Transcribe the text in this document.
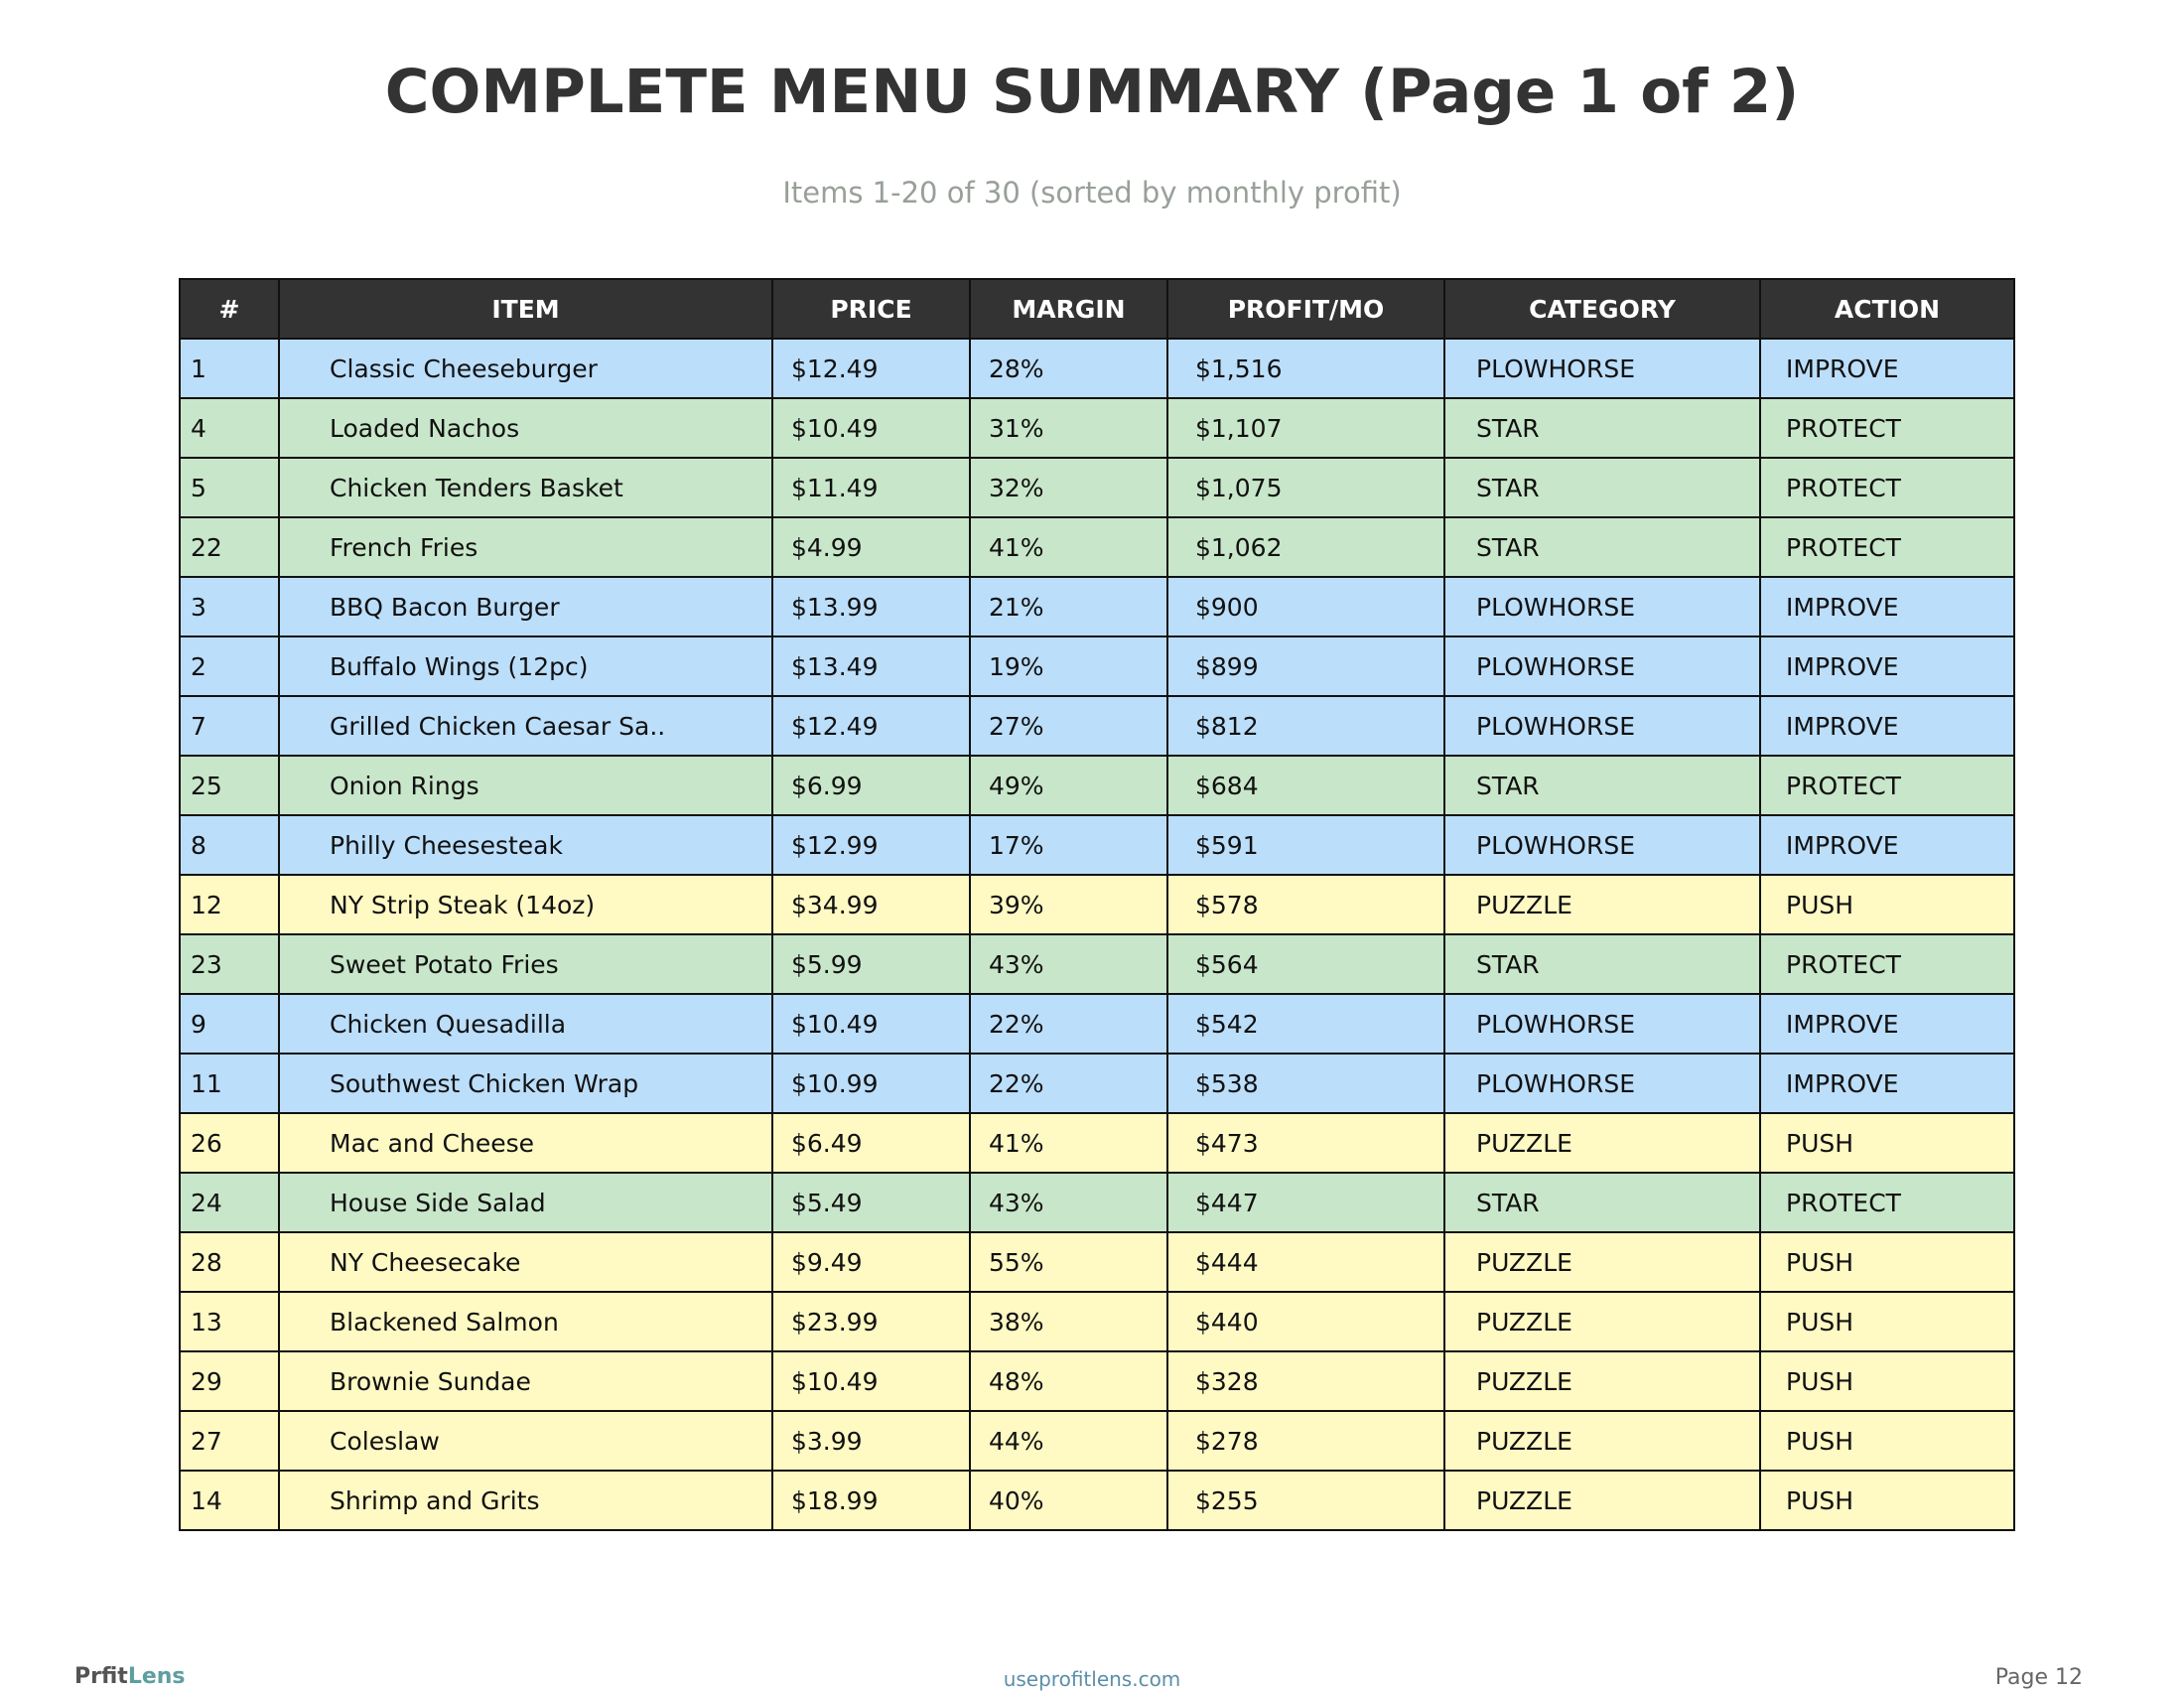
COMPLETE MENU SUMMARY (Page 1 of 2)
Items 1-20 of 30 (sorted by monthly profit)
#	ITEM	PRICE	MARGIN	PROFIT/MO	CATEGORY	ACTION
1	Classic Cheeseburger	$12.49	28%	$1,516	PLOWHORSE	IMPROVE
4	Loaded Nachos	$10.49	31%	$1,107	STAR	PROTECT
5	Chicken Tenders Basket	$11.49	32%	$1,075	STAR	PROTECT
22	French Fries	$4.99	41%	$1,062	STAR	PROTECT
3	BBQ Bacon Burger	$13.99	21%	$900	PLOWHORSE	IMPROVE
2	Buffalo Wings (12pc)	$13.49	19%	$899	PLOWHORSE	IMPROVE
7	Grilled Chicken Caesar Sa..	$12.49	27%	$812	PLOWHORSE	IMPROVE
25	Onion Rings	$6.99	49%	$684	STAR	PROTECT
8	Philly Cheesesteak	$12.99	17%	$591	PLOWHORSE	IMPROVE
12	NY Strip Steak (14oz)	$34.99	39%	$578	PUZZLE	PUSH
23	Sweet Potato Fries	$5.99	43%	$564	STAR	PROTECT
9	Chicken Quesadilla	$10.49	22%	$542	PLOWHORSE	IMPROVE
11	Southwest Chicken Wrap	$10.99	22%	$538	PLOWHORSE	IMPROVE
26	Mac and Cheese	$6.49	41%	$473	PUZZLE	PUSH
24	House Side Salad	$5.49	43%	$447	STAR	PROTECT
28	NY Cheesecake	$9.49	55%	$444	PUZZLE	PUSH
13	Blackened Salmon	$23.99	38%	$440	PUZZLE	PUSH
29	Brownie Sundae	$10.49	48%	$328	PUZZLE	PUSH
27	Coleslaw	$3.99	44%	$278	PUZZLE	PUSH
14	Shrimp and Grits	$18.99	40%	$255	PUZZLE	PUSH
PrfitLens	useprofitlens.com	Page 12
